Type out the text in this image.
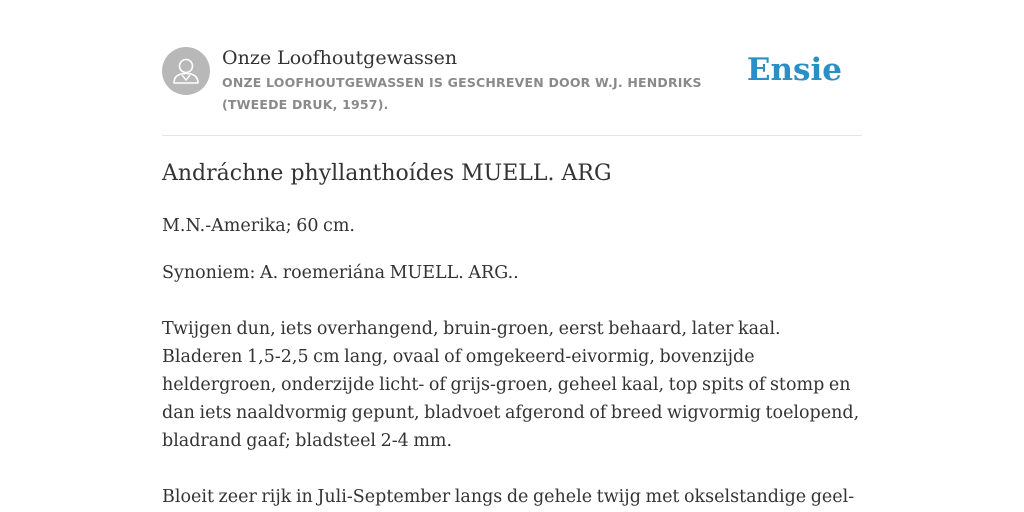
Onze Loofhoutgewassen
ONZE LOOFHOUTGEWASSEN IS GESCHREVEN DOOR W.J. HENDRIKS (TWEEDE DRUK, 1957).
Ensie
Andráchne phyllanthoídes MUELL. ARG

M.N.-Amerika; 60 cm.

Synoniem: A. roemeriána MUELL. ARG..

Twijgen dun, iets overhangend, bruin-groen, eerst behaard, later kaal. Bladeren 1,5-2,5 cm lang, ovaal of omgekeerd-eivormig, bovenzijde heldergroen, onderzijde licht- of grijs-groen, geheel kaal, top spits of stomp en dan iets naaldvormig gepunt, bladvoet afgerond of breed wigvormig toelopend, bladrand gaaf; bladsteel 2-4 mm.

Bloeit zeer rijk in Juli-September langs de gehele twijg met okselstandige geel-
